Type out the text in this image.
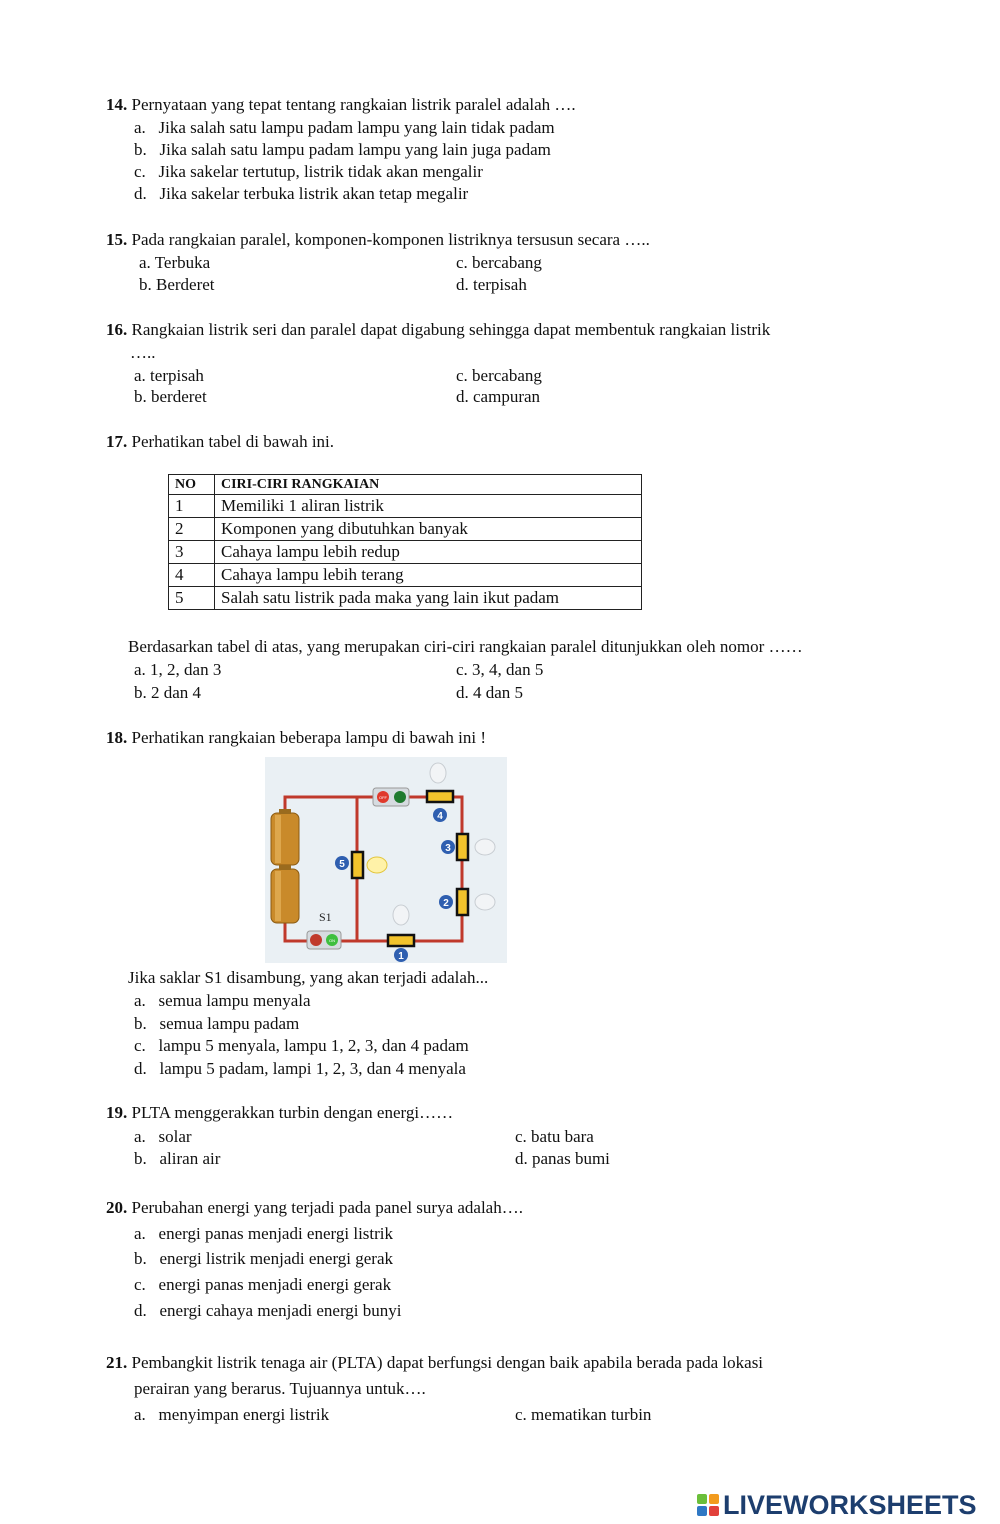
14. Pernyataan yang tepat tentang rangkaian listrik paralel adalah ….
a. Jika salah satu lampu padam lampu yang lain tidak padam
b. Jika salah satu lampu padam lampu yang lain juga padam
c. Jika sakelar tertutup, listrik tidak akan mengalir
d. Jika sakelar terbuka listrik akan tetap megalir
15. Pada rangkaian paralel, komponen-komponen listriknya tersusun secara …..
a. Terbuka	c. bercabang
b. Berderet	d. terpisah
16. Rangkaian listrik seri dan paralel dapat digabung sehingga dapat membentuk rangkaian listrik
…..
a. terpisah	c. bercabang
b. berderet	d. campuran
17. Perhatikan tabel di bawah ini.
NO	CIRI-CIRI RANGKAIAN
1	Memiliki 1 aliran listrik
2	Komponen yang dibutuhkan banyak
3	Cahaya lampu lebih redup
4	Cahaya lampu lebih terang
5	Salah satu listrik pada maka yang lain ikut padam
Berdasarkan tabel di atas, yang merupakan ciri-ciri rangkaian paralel ditunjukkan oleh nomor ……
a. 1, 2, dan 3	c. 3, 4, dan 5
b. 2 dan 4	d. 4 dan 5
18. Perhatikan rangkaian beberapa lampu di bawah ini !
OFF
ON
S1
4
3
2
5
1
Jika saklar S1 disambung, yang akan terjadi adalah...
a. semua lampu menyala
b. semua lampu padam
c. lampu 5 menyala, lampu 1, 2, 3, dan 4 padam
d. lampu 5 padam, lampi 1, 2, 3, dan 4 menyala
19. PLTA menggerakkan turbin dengan energi……
a. solar	c. batu bara
b. aliran air	d. panas bumi
20. Perubahan energi yang terjadi pada panel surya adalah….
a. energi panas menjadi energi listrik
b. energi listrik menjadi energi gerak
c. energi panas menjadi energi gerak
d. energi cahaya menjadi energi bunyi
21. Pembangkit listrik tenaga air (PLTA) dapat berfungsi dengan baik apabila berada pada lokasi
perairan yang berarus. Tujuannya untuk….
a. menyimpan energi listrik	c. mematikan turbin
LIVEWORKSHEETS
